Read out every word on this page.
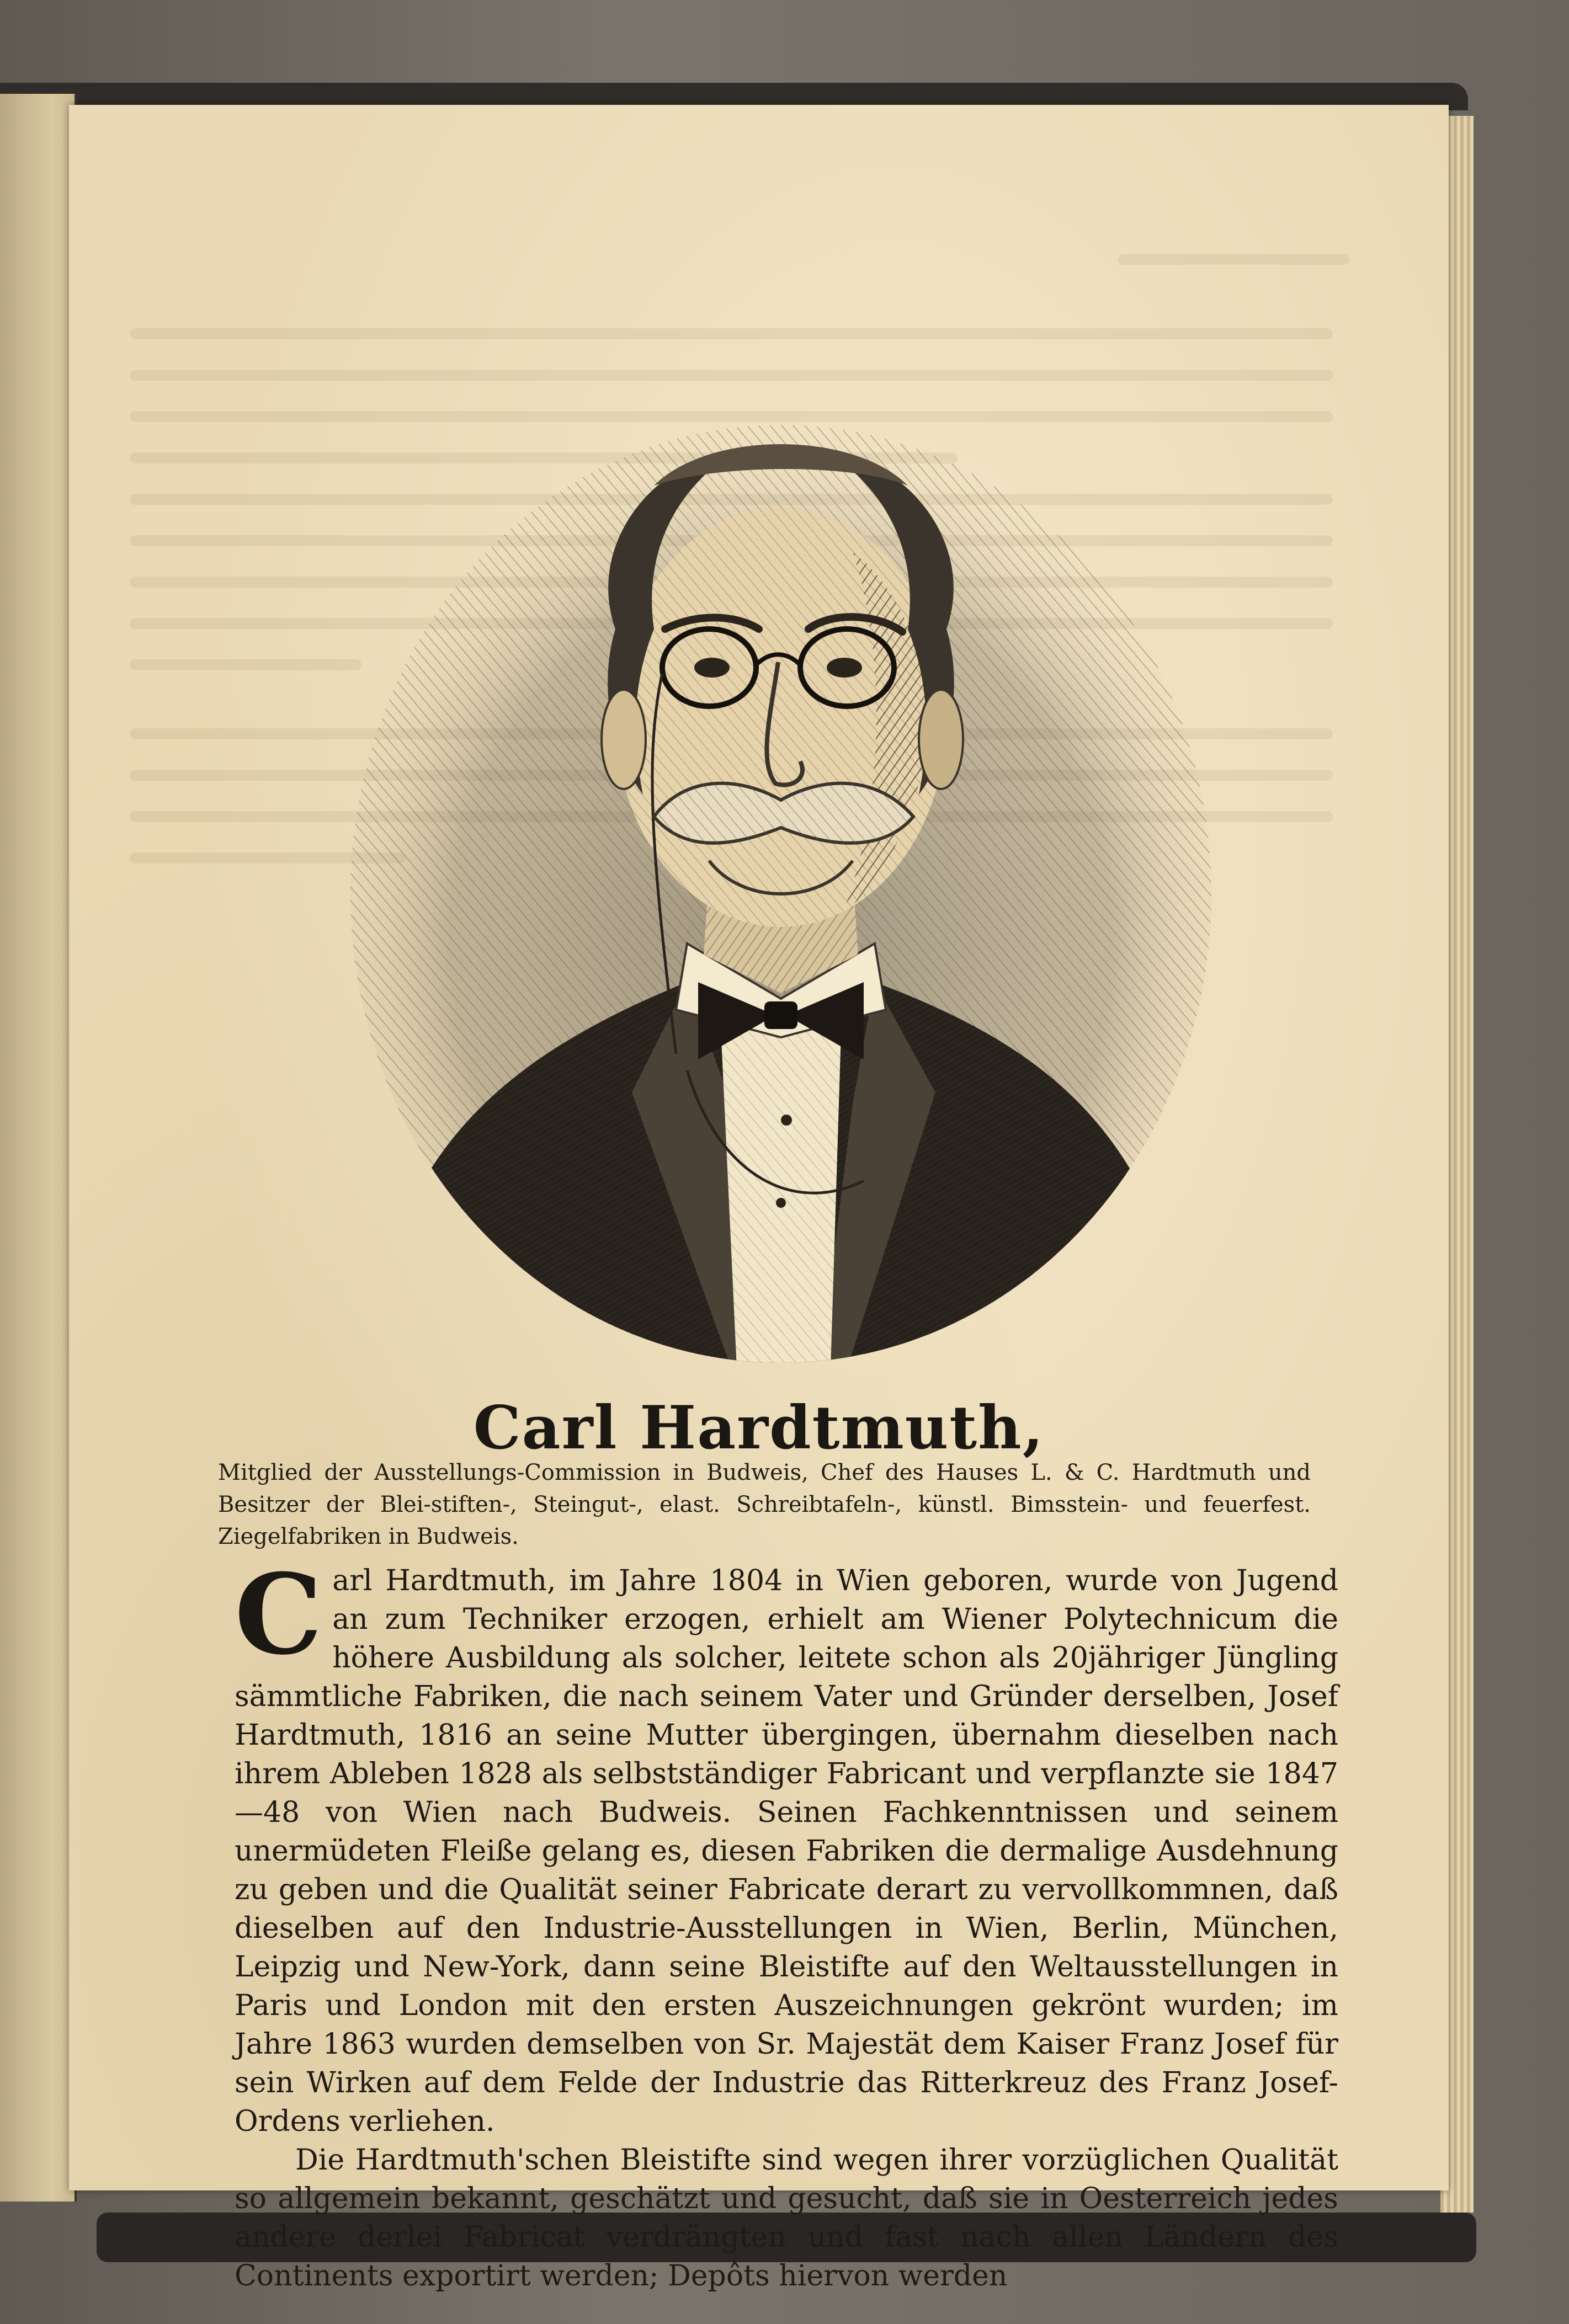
Carl Hardtmuth,
Mitglied der Ausstellungs-Commission in Budweis, Chef des Hauses L. & C. Hardtmuth und Besitzer der Blei-stiften-, Steingut-, elast. Schreibtafeln-, künstl. Bimsstein- und feuerfest. Ziegelfabriken in Budweis.
C arl Hardtmuth, im Jahre 1804 in Wien geboren, wurde von Jugend an zum Techniker erzogen, erhielt am Wiener Polytechnicum die höhere Ausbildung als solcher, leitete schon als 20jähriger Jüngling sämmtliche Fabriken, die nach seinem Vater und Gründer derselben, Josef Hardtmuth, 1816 an seine Mutter übergingen, übernahm dieselben nach ihrem Ableben 1828 als selbstständiger Fabricant und verpflanzte sie 1847—48 von Wien nach Budweis. Seinen Fachkenntnissen und seinem unermüdeten Fleiße gelang es, diesen Fabriken die dermalige Ausdehnung zu geben und die Qualität seiner Fabricate derart zu vervollkommnen, daß dieselben auf den Industrie-Ausstellungen in Wien, Berlin, München, Leipzig und New-York, dann seine Bleistifte auf den Weltausstellungen in Paris und London mit den ersten Auszeichnungen gekrönt wurden; im Jahre 1863 wurden demselben von Sr. Majestät dem Kaiser Franz Josef für sein Wirken auf dem Felde der Industrie das Ritterkreuz des Franz Josef-Ordens verliehen.

Die Hardtmuth'schen Bleistifte sind wegen ihrer vorzüglichen Qualität so allgemein bekannt, geschätzt und gesucht, daß sie in Oesterreich jedes andere derlei Fabricat verdrängten und fast nach allen Ländern des Continents exportirt werden; Depôts hiervon werden
